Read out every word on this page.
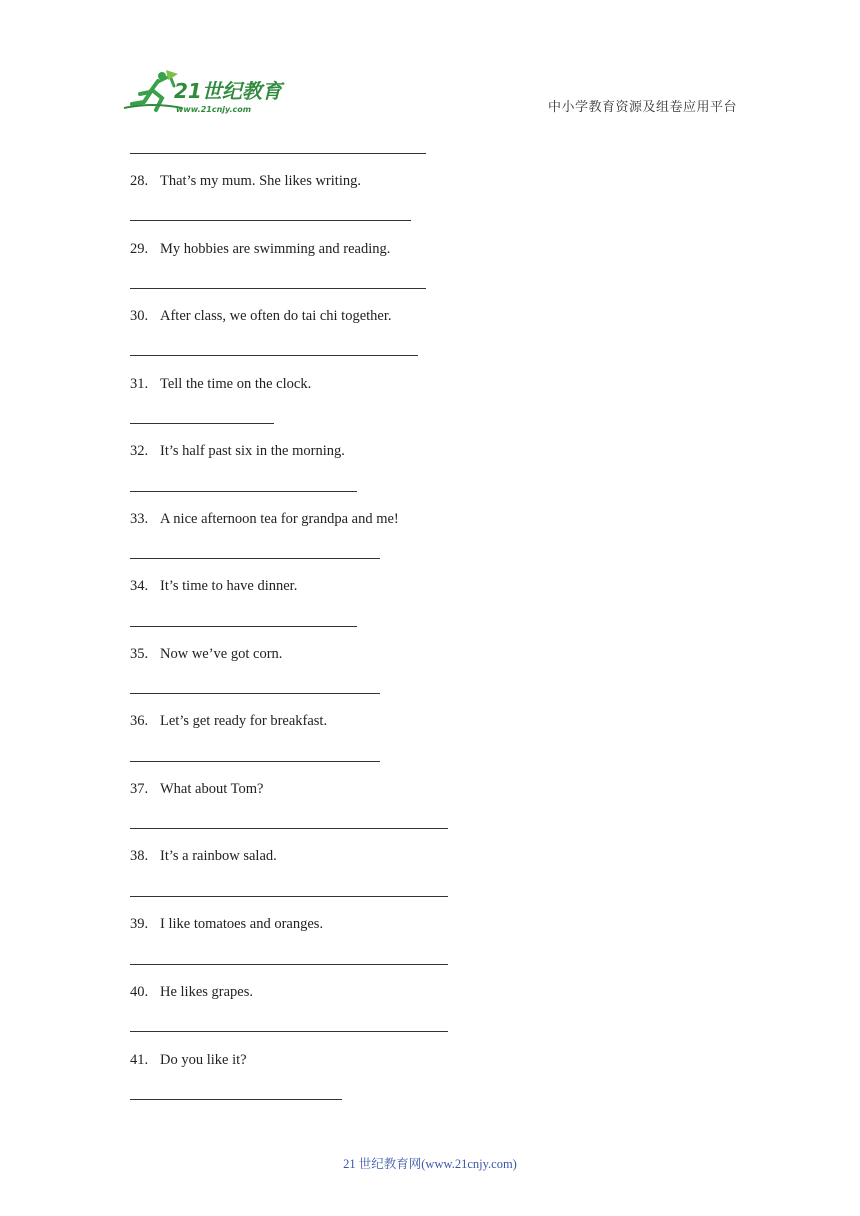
21世纪教育
www.21cnjy.com	中小学教育资源及组卷应用平台
28. That’s my mum. She likes writing.
29. My hobbies are swimming and reading.
30. After class, we often do tai chi together.
31. Tell the time on the clock.
32. It’s half past six in the morning.
33. A nice afternoon tea for grandpa and me!
34. It’s time to have dinner.
35. Now we’ve got corn.
36. Let’s get ready for breakfast.
37. What about Tom?
38. It’s a rainbow salad.
39. I like tomatoes and oranges.
40. He likes grapes.
41. Do you like it?
21 世纪教育网(www.21cnjy.com)
